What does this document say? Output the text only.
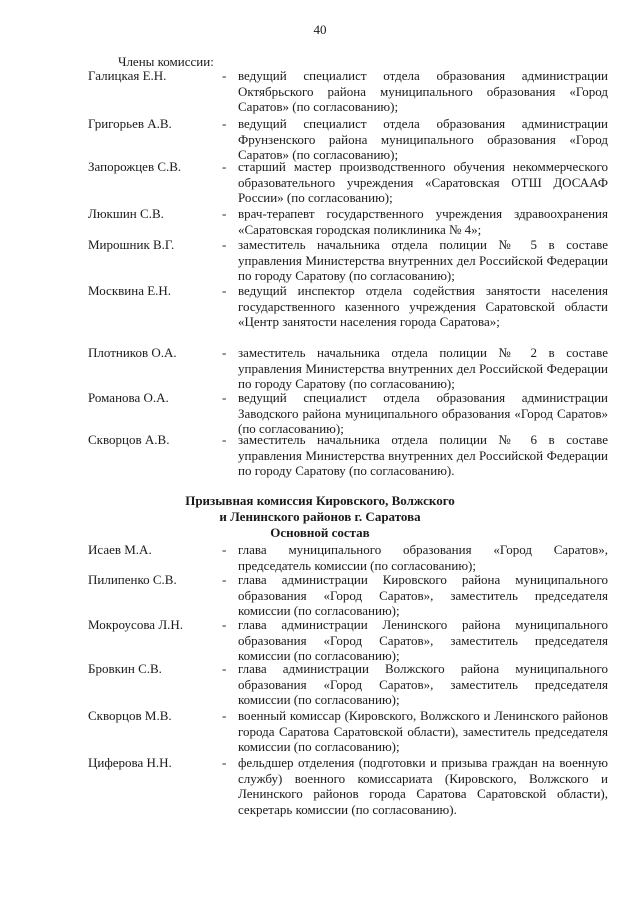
40
Члены комиссии:
Галицкая Е.Н.	- ведущий специалист отдела образования администрации Октябрьского района муниципального образования «Город Саратов» (по согласованию);
Григорьев А.В.	- ведущий специалист отдела образования администрации Фрунзенского района муниципального образования «Город Саратов» (по согласованию);
Запорожцев С.В.	- старший мастер производственного обучения некоммерческого образовательного учреждения «Саратовская ОТШ ДОСААФ России» (по согласованию);
Люкшин С.В.	- врач-терапевт государственного учреждения здравоохранения «Саратовская городская поликлиника № 4»;
Мирошник В.Г.	- заместитель начальника отдела полиции № 5 в составе управления Министерства внутренних дел Российской Федерации по городу Саратову (по согласованию);
Москвина Е.Н.	- ведущий инспектор отдела содействия занятости населения государственного казенного учреждения Саратовской области «Центр занятости населения города Саратова»;
Плотников О.А.	- заместитель начальника отдела полиции № 2 в составе управления Министерства внутренних дел Российской Федерации по городу Саратову (по согласованию);
Романова О.А.	- ведущий специалист отдела образования администрации Заводского района муниципального образования «Город Саратов» (по согласованию);
Скворцов А.В.	- заместитель начальника отдела полиции № 6 в составе управления Министерства внутренних дел Российской Федерации по городу Саратову (по согласованию).
Призывная комиссия Кировского, Волжского
и Ленинского районов г. Саратова
Основной состав
Исаев М.А.	- глава муниципального образования «Город Саратов», председатель комиссии (по согласованию);
Пилипенко С.В.	- глава администрации Кировского района муниципального образования «Город Саратов», заместитель председателя комиссии (по согласованию);
Мокроусова Л.Н.	- глава администрации Ленинского района муниципального образования «Город Саратов», заместитель председателя комиссии (по согласованию);
Бровкин С.В.	- глава администрации Волжского района муниципального образования «Город Саратов», заместитель председателя комиссии (по согласованию);
Скворцов М.В.	- военный комиссар (Кировского, Волжского и Ленинского районов города Саратова Саратовской области), заместитель председателя комиссии (по согласованию);
Циферова Н.Н.	- фельдшер отделения (подготовки и призыва граждан на военную службу) военного комиссариата (Кировского, Волжского и Ленинского районов города Саратова Саратовской области), секретарь комиссии (по согласованию).
